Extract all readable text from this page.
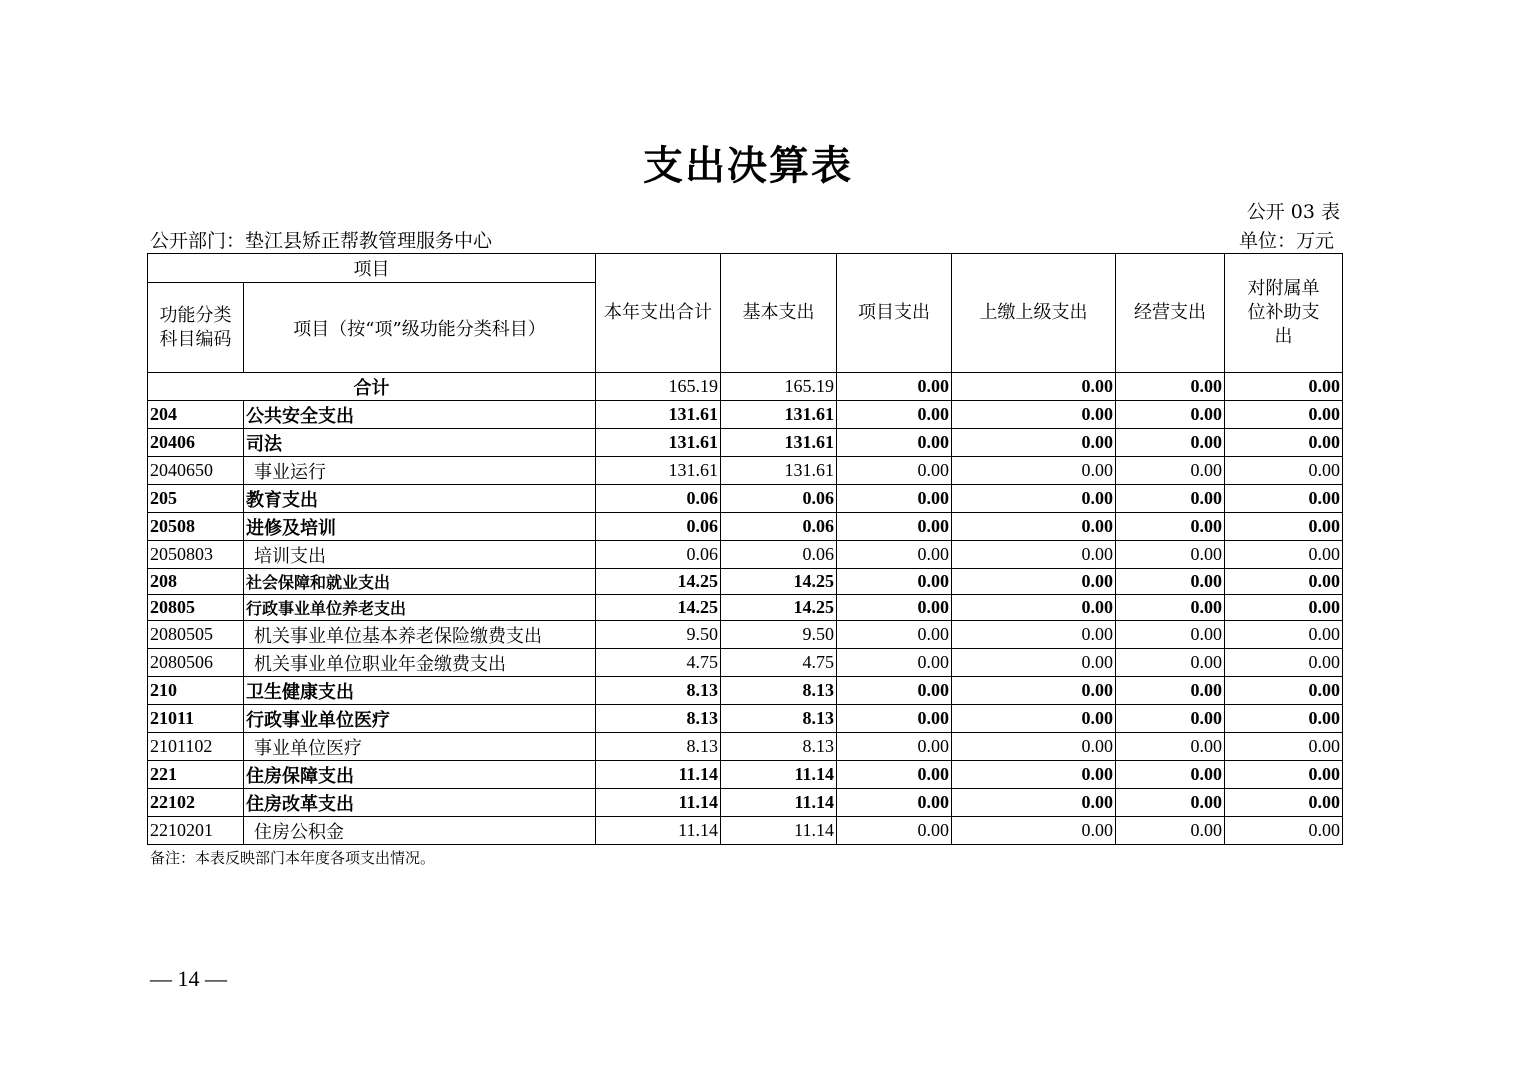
支出决算表
公开 03 表
公开部门：垫江县矫正帮教管理服务中心	单位：万元
项目		本年支出合计	基本支出	项目支出	上缴上级支出	经营支出	对附属单位补助支出
功能分类科目编码	项目（按“项”级功能分类科目）						

合计		165.19	165.19	0.00	0.00	0.00	0.00
204	公共安全支出	131.61	131.61	0.00	0.00	0.00	0.00
20406	司法	131.61	131.61	0.00	0.00	0.00	0.00
2040650	事业运行	131.61	131.61	0.00	0.00	0.00	0.00
205	教育支出	0.06	0.06	0.00	0.00	0.00	0.00
20508	进修及培训	0.06	0.06	0.00	0.00	0.00	0.00
2050803	培训支出	0.06	0.06	0.00	0.00	0.00	0.00
208	社会保障和就业支出	14.25	14.25	0.00	0.00	0.00	0.00
20805	行政事业单位养老支出	14.25	14.25	0.00	0.00	0.00	0.00
2080505	机关事业单位基本养老保险缴费支出	9.50	9.50	0.00	0.00	0.00	0.00
2080506	机关事业单位职业年金缴费支出	4.75	4.75	0.00	0.00	0.00	0.00
210	卫生健康支出	8.13	8.13	0.00	0.00	0.00	0.00
21011	行政事业单位医疗	8.13	8.13	0.00	0.00	0.00	0.00
2101102	事业单位医疗	8.13	8.13	0.00	0.00	0.00	0.00
221	住房保障支出	11.14	11.14	0.00	0.00	0.00	0.00
22102	住房改革支出	11.14	11.14	0.00	0.00	0.00	0.00
2210201	住房公积金	11.14	11.14	0.00	0.00	0.00	0.00
备注：本表反映部门本年度各项支出情况。
— 14 —
